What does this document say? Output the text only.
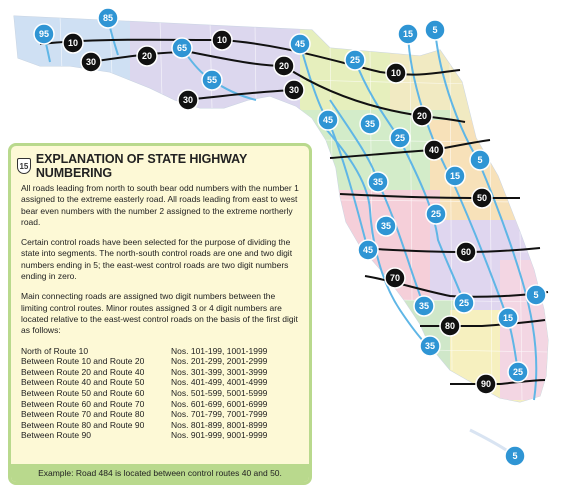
95
85
65
55
45
25
15 5
45	35
25
5
15
35
25
35
45
5
35	25
15
35
25
5
10	10
10
30
20
30
20
30
20
40
50
60
70
80
90
15 EXPLANATION OF STATE HIGHWAY NUMBERING

All roads leading from north to south bear odd numbers with the number 1 assigned to the extreme easterly road. All roads leading from east to west bear even numbers with the number 2 assigned to the extreme northerly road.

Certain control roads have been selected for the purpose of dividing the state into segments. The north-south control roads are one and two digit numbers ending in 5; the east-west control roads are two digit numbers ending in zero.

Main connecting roads are assigned two digit numbers between the limiting control routes. Minor routes assigned 3 or 4 digit numbers are located relative to the east-west control roads on the basis of the first digit as follows:

North of Route 10	Nos. 101-199, 1001-1999
Between Route 10 and Route 20	Nos. 201-299, 2001-2999
Between Route 20 and Route 40	Nos. 301-399, 3001-3999
Between Route 40 and Route 50	Nos. 401-499, 4001-4999
Between Route 50 and Route 60	Nos. 501-599, 5001-5999
Between Route 60 and Route 70	Nos. 601-699, 6001-6999
Between Route 70 and Route 80	Nos. 701-799, 7001-7999
Between Route 80 and Route 90	Nos. 801-899, 8001-8999
Between Route 90	Nos. 901-999, 9001-9999
Example: Road 484 is located between control routes 40 and 50.
